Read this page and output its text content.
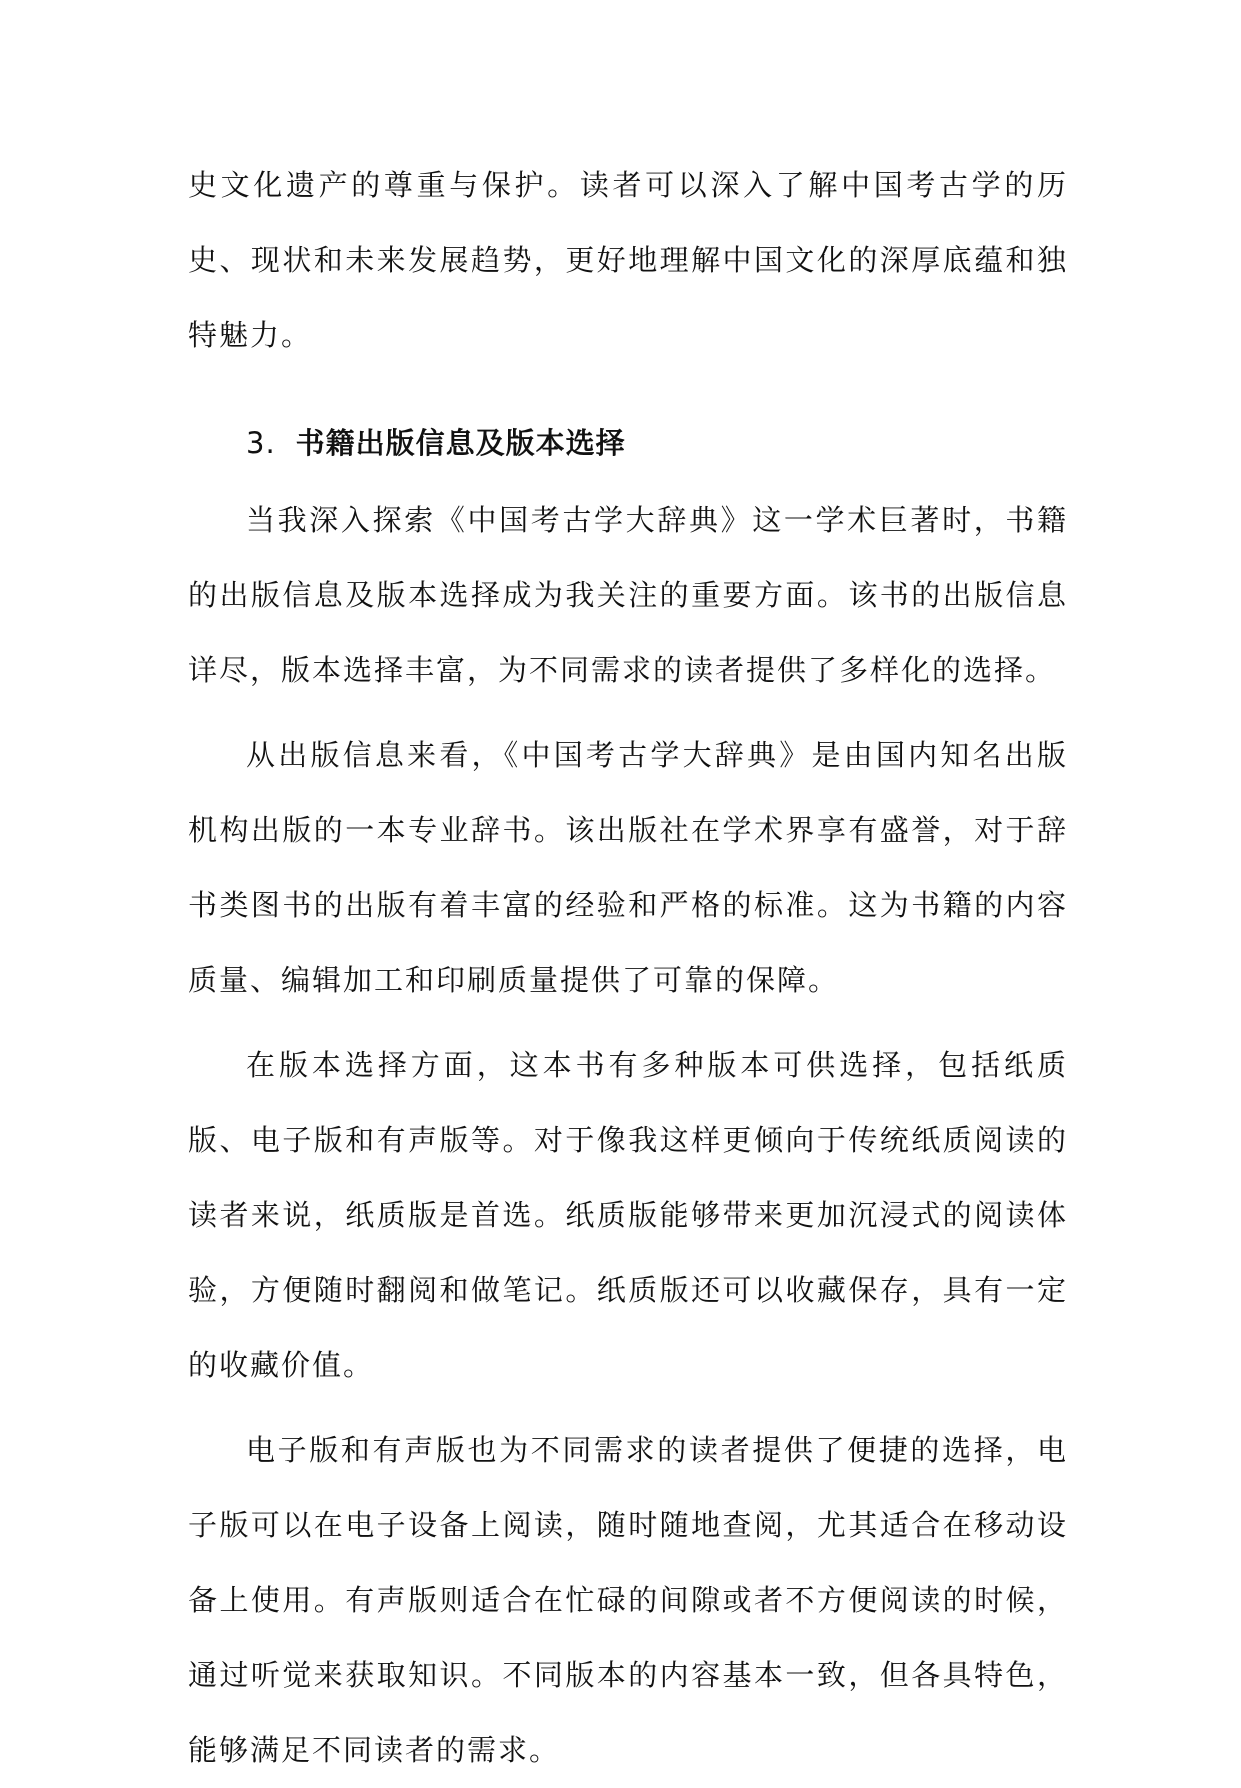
史文化遗产的尊重与保护。读者可以深入了解中国考古学的历史、现状和未来发展趋势，更好地理解中国文化的深厚底蕴和独特魅力。

3. 书籍出版信息及版本选择

当我深入探索《中国考古学大辞典》这一学术巨著时，书籍的出版信息及版本选择成为我关注的重要方面。该书的出版信息详尽，版本选择丰富，为不同需求的读者提供了多样化的选择。

从出版信息来看，《中国考古学大辞典》是由国内知名出版机构出版的一本专业辞书。该出版社在学术界享有盛誉，对于辞书类图书的出版有着丰富的经验和严格的标准。这为书籍的内容质量、编辑加工和印刷质量提供了可靠的保障。

在版本选择方面，这本书有多种版本可供选择，包括纸质版、电子版和有声版等。对于像我这样更倾向于传统纸质阅读的读者来说，纸质版是首选。纸质版能够带来更加沉浸式的阅读体验，方便随时翻阅和做笔记。纸质版还可以收藏保存，具有一定的收藏价值。

电子版和有声版也为不同需求的读者提供了便捷的选择，电子版可以在电子设备上阅读，随时随地查阅，尤其适合在移动设备上使用。有声版则适合在忙碌的间隙或者不方便阅读的时候，通过听觉来获取知识。不同版本的内容基本一致，但各具特色，能够满足不同读者的需求。
